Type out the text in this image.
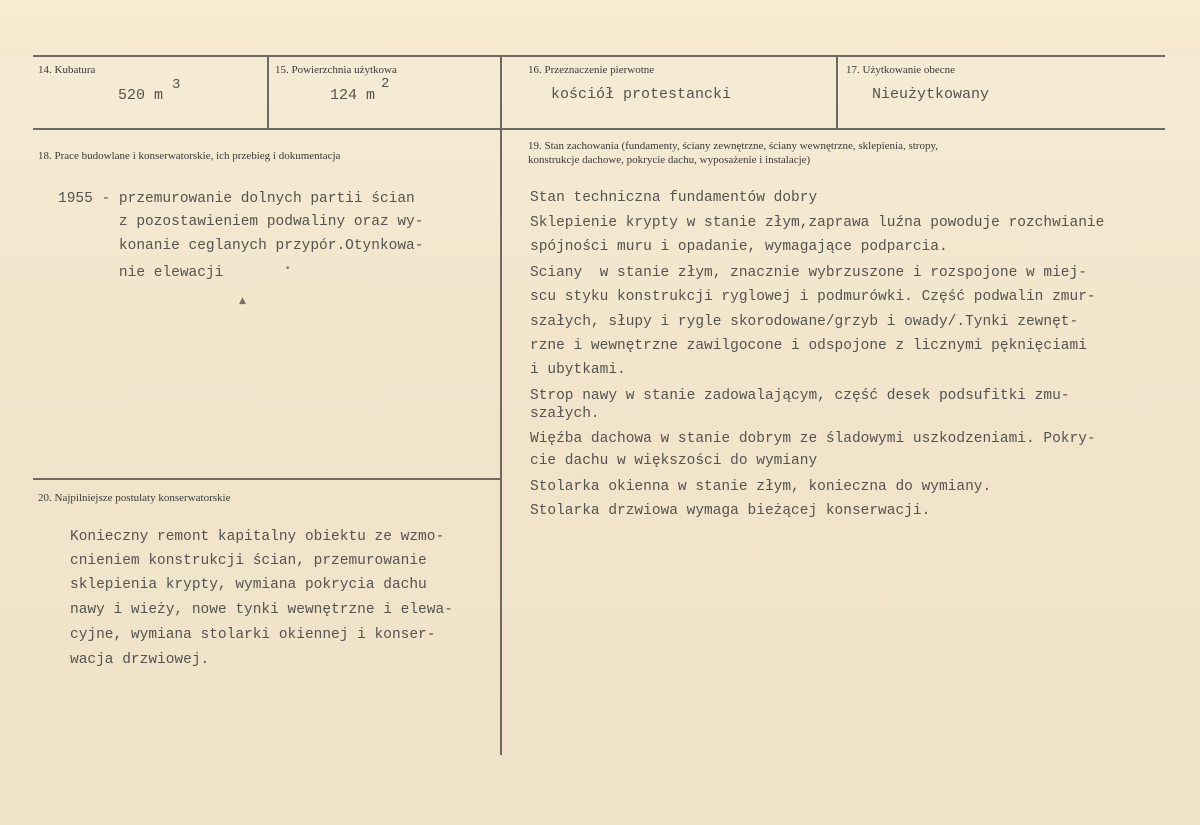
14. Kubatura

520 m

3

15. Powierzchnia użytkowa

124 m

2

16. Przeznaczenie pierwotne

kościół protestancki

17. Użytkowanie obecne

Nieużytkowany

18. Prace budowlane i konserwatorskie, ich przebieg i dokumentacja

1955 - przemurowanie dolnych partii ścian

z pozostawieniem podwaliny oraz wy-

konanie ceglanych przypór.Otynkowa-

nie elewacji	•
▲

19. Stan zachowania (fundamenty, ściany zewnętrzne, ściany wewnętrzne, sklepienia, stropy,

konstrukcje dachowe, pokrycie dachu, wyposażenie i instalacje)

Stan techniczna fundamentów dobry

Sklepienie krypty w stanie złym,zaprawa luźna powoduje rozchwianie

spójności muru i opadanie, wymagające podparcia.

Sciany  w stanie złym, znacznie wybrzuszone i rozspojone w miej-

scu styku konstrukcji ryglowej i podmurówki. Część podwalin zmur-

szałych, słupy i rygle skorodowane/grzyb i owady/.Tynki zewnęt-

rzne i wewnętrzne zawilgocone i odspojone z licznymi pęknięciami

i ubytkami.

Strop nawy w stanie zadowalającym, część desek podsufitki zmu-

szałych.

Więźba dachowa w stanie dobrym ze śladowymi uszkodzeniami. Pokry-

cie dachu w większości do wymiany

Stolarka okienna w stanie złym, konieczna do wymiany.

Stolarka drzwiowa wymaga bieżącej konserwacji.

20. Najpilniejsze postulaty konserwatorskie

Konieczny remont kapitalny obiektu ze wzmo-

cnieniem konstrukcji ścian, przemurowanie

sklepienia krypty, wymiana pokrycia dachu

nawy i wieży, nowe tynki wewnętrzne i elewa-

cyjne, wymiana stolarki okiennej i konser-

wacja drzwiowej.
